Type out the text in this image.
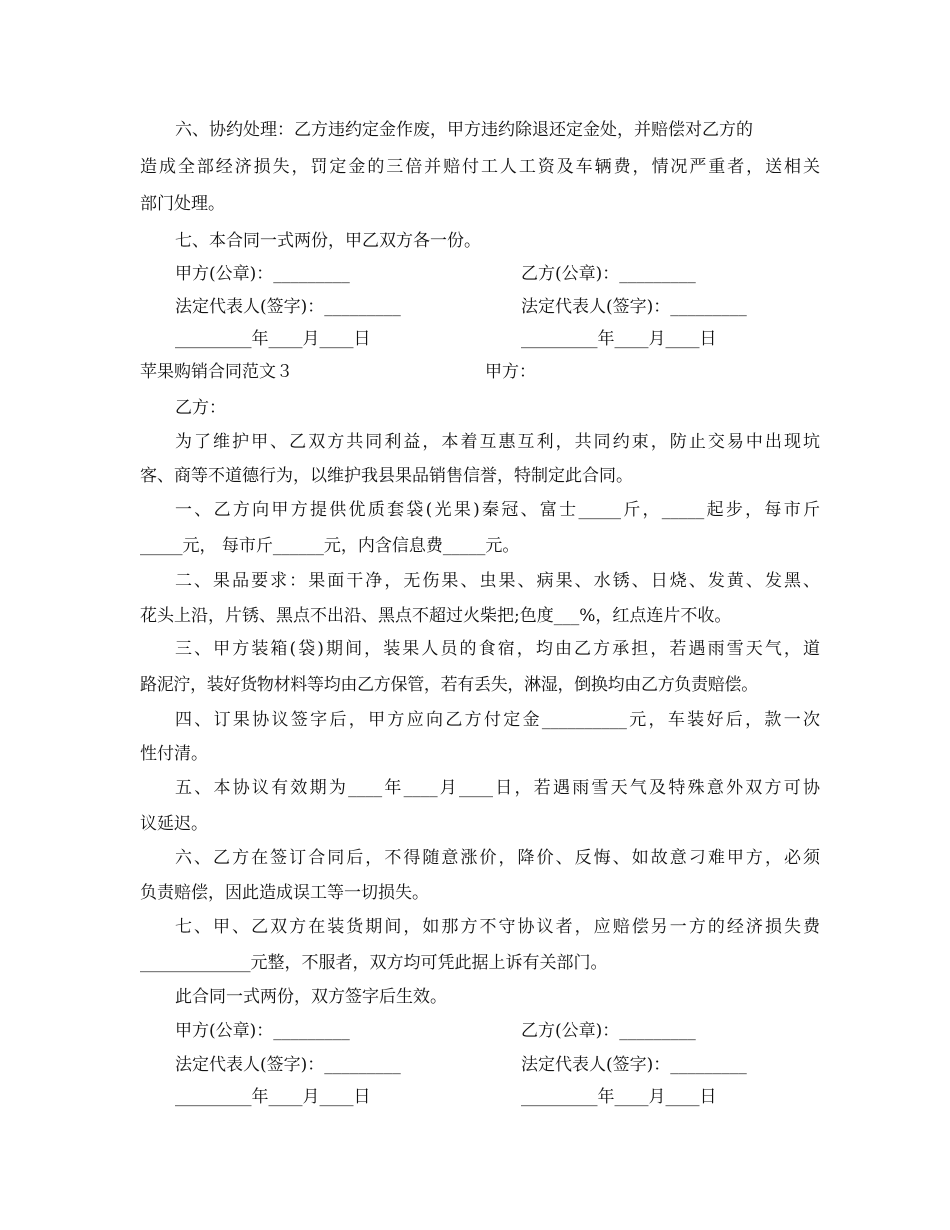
六、协约处理：乙方违约定金作废，甲方违约除退还定金处，并赔偿对乙方的
造成全部经济损失，罚定金的三倍并赔付工人工资及车辆费，情况严重者，送相关
部门处理。
七、本合同一式两份，甲乙双方各一份。
甲方(公章)：_________	乙方(公章)：_________
法定代表人(签字)：_________	法定代表人(签字)：_________
_________年____月____日	_________年____月____日
苹果购销合同范文３	甲方：
乙方：
为了维护甲、乙双方共同利益，本着互惠互利，共同约束，防止交易中出现坑
客、商等不道德行为，以维护我县果品销售信誉，特制定此合同。
一、乙方向甲方提供优质套袋(光果)秦冠、富士_____斤，_____起步，每市斤
_____元， 每市斤______元，内含信息费_____元。
二、果品要求：果面干净，无伤果、虫果、病果、水锈、日烧、发黄、发黑、
花头上沿，片锈、黑点不出沿、黑点不超过火柴把;色度___%，红点连片不收。
三、甲方装箱(袋)期间，装果人员的食宿，均由乙方承担，若遇雨雪天气，道
路泥泞，装好货物材料等均由乙方保管，若有丢失，淋湿，倒换均由乙方负责赔偿。
四、订果协议签字后，甲方应向乙方付定金__________元，车装好后，款一次
性付清。
五、本协议有效期为____年____月____日，若遇雨雪天气及特殊意外双方可协
议延迟。
六、乙方在签订合同后，不得随意涨价，降价、反悔、如故意刁难甲方，必须
负责赔偿，因此造成误工等一切损失。
七、甲、乙双方在装货期间，如那方不守协议者，应赔偿另一方的经济损失费
_____________元整，不服者，双方均可凭此据上诉有关部门。
此合同一式两份，双方签字后生效。
甲方(公章)：_________	乙方(公章)：_________
法定代表人(签字)：_________	法定代表人(签字)：_________
_________年____月____日	_________年____月____日
